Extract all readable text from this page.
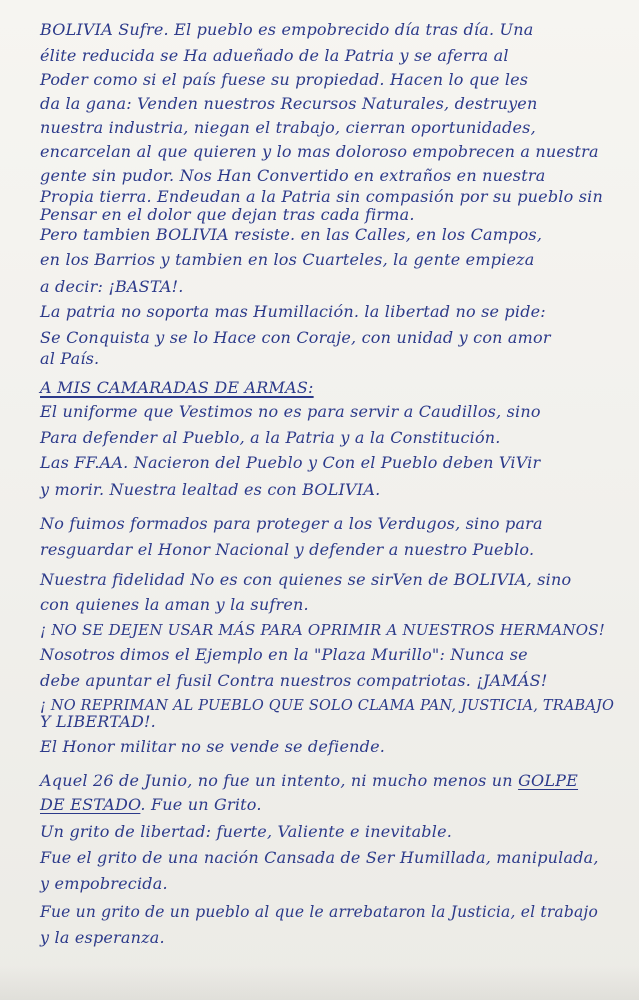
BOLIVIA Sufre. El pueblo es empobrecido día tras día. Una

élite reducida se Ha adueñado de la Patria y se aferra al

Poder como si el país fuese su propiedad. Hacen lo que les

da la gana: Venden nuestros Recursos Naturales, destruyen

nuestra industria, niegan el trabajo, cierran oportunidades,

encarcelan al que quieren y lo mas doloroso empobrecen a nuestra

gente sin pudor. Nos Han Convertido en extraños en nuestra

Propia tierra. Endeudan a la Patria sin compasión por su pueblo sin

Pensar en el dolor que dejan tras cada firma.

Pero tambien BOLIVIA resiste. en las Calles, en los Campos,

en los Barrios y tambien en los Cuarteles, la gente empieza

a decir: ¡BASTA!.

La patria no soporta mas Humillación. la libertad no se pide:

Se Conquista y se lo Hace con Coraje, con unidad y con amor

al País.

A MIS CAMARADAS DE ARMAS:

El uniforme que Vestimos no es para servir a Caudillos, sino

Para defender al Pueblo, a la Patria y a la Constitución.

Las FF.AA. Nacieron del Pueblo y Con el Pueblo deben ViVir

y morir. Nuestra lealtad es con BOLIVIA.

No fuimos formados para proteger a los Verdugos, sino para

resguardar el Honor Nacional y defender a nuestro Pueblo.

Nuestra fidelidad No es con quienes se sirVen de BOLIVIA, sino

con quienes la aman y la sufren.

¡ NO SE DEJEN USAR MÁS PARA OPRIMIR A NUESTROS HERMANOS!

Nosotros dimos el Ejemplo en la "Plaza Murillo": Nunca se

debe apuntar el fusil Contra nuestros compatriotas. ¡JAMÁS!

¡ NO REPRIMAN AL PUEBLO QUE SOLO CLAMA PAN, JUSTICIA, TRABAJO

Y LIBERTAD!.

El Honor militar no se vende se defiende.

Aquel 26 de Junio, no fue un intento, ni mucho menos un GOLPE

DE ESTADO. Fue un Grito.

Un grito de libertad: fuerte, Valiente e inevitable.

Fue el grito de una nación Cansada de Ser Humillada, manipulada,

y empobrecida.

Fue un grito de un pueblo al que le arrebataron la Justicia, el trabajo

y la esperanza.
